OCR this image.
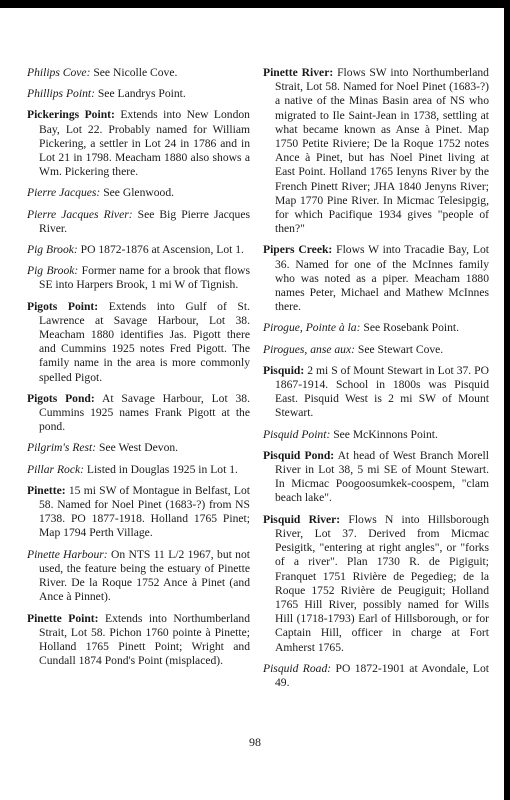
Philips Cove: See Nicolle Cove.

Phillips Point: See Landrys Point.

Pickerings Point: Extends into New London Bay, Lot 22. Probably named for William Pickering, a settler in Lot 24 in 1786 and in Lot 21 in 1798. Meacham 1880 also shows a Wm. Pickering there.

Pierre Jacques: See Glenwood.

Pierre Jacques River: See Big Pierre Jacques River.

Pig Brook: PO 1872-1876 at Ascension, Lot 1.

Pig Brook: Former name for a brook that flows SE into Harpers Brook, 1 mi W of Tignish.

Pigots Point: Extends into Gulf of St. Lawrence at Savage Harbour, Lot 38. Meacham 1880 identifies Jas. Pigott there and Cummins 1925 notes Fred Pigott. The family name in the area is more commonly spelled Pigot.

Pigots Pond: At Savage Harbour, Lot 38. Cummins 1925 names Frank Pigott at the pond.

Pilgrim's Rest: See West Devon.

Pillar Rock: Listed in Douglas 1925 in Lot 1.

Pinette: 15 mi SW of Montague in Belfast, Lot 58. Named for Noel Pinet (1683-?) from NS 1738. PO 1877-1918. Holland 1765 Pinet; Map 1794 Perth Village.

Pinette Harbour: On NTS 11 L/2 1967, but not used, the feature being the estuary of Pinette River. De la Roque 1752 Ance à Pinet (and Ance à Pinnet).

Pinette Point: Extends into Northumberland Strait, Lot 58. Pichon 1760 pointe à Pinette; Holland 1765 Pinett Point; Wright and Cundall 1874 Pond's Point (misplaced).

Pinette River: Flows SW into Northumberland Strait, Lot 58. Named for Noel Pinet (1683-?) a native of the Minas Basin area of NS who migrated to Ile Saint-Jean in 1738, settling at what became known as Anse à Pinet. Map 1750 Petite Riviere; De la Roque 1752 notes Ance à Pinet, but has Noel Pinet living at East Point. Holland 1765 Ienyns River by the French Pinett River; JHA 1840 Jenyns River; Map 1770 Pine River. In Micmac Telesipgig, for which Pacifique 1934 gives "people of then?"

Pipers Creek: Flows W into Tracadie Bay, Lot 36. Named for one of the McInnes family who was noted as a piper. Meacham 1880 names Peter, Michael and Mathew McInnes there.

Pirogue, Pointe à la: See Rosebank Point.

Pirogues, anse aux: See Stewart Cove.

Pisquid: 2 mi S of Mount Stewart in Lot 37. PO 1867-1914. School in 1800s was Pisquid East. Pisquid West is 2 mi SW of Mount Stewart.

Pisquid Point: See McKinnons Point.

Pisquid Pond: At head of West Branch Morell River in Lot 38, 5 mi SE of Mount Stewart. In Micmac Poogoosumkek-coospem, "clam beach lake".

Pisquid River: Flows N into Hillsborough River, Lot 37. Derived from Micmac Pesigitk, "entering at right angles", or "forks of a river". Plan 1730 R. de Pigiguit; Franquet 1751 Rivière de Pegedieg; de la Roque 1752 Rivière de Peugiguit; Holland 1765 Hill River, possibly named for Wills Hill (1718-1793) Earl of Hillsborough, or for Captain Hill, officer in charge at Fort Amherst 1765.

Pisquid Road: PO 1872-1901 at Avondale, Lot 49.

98
